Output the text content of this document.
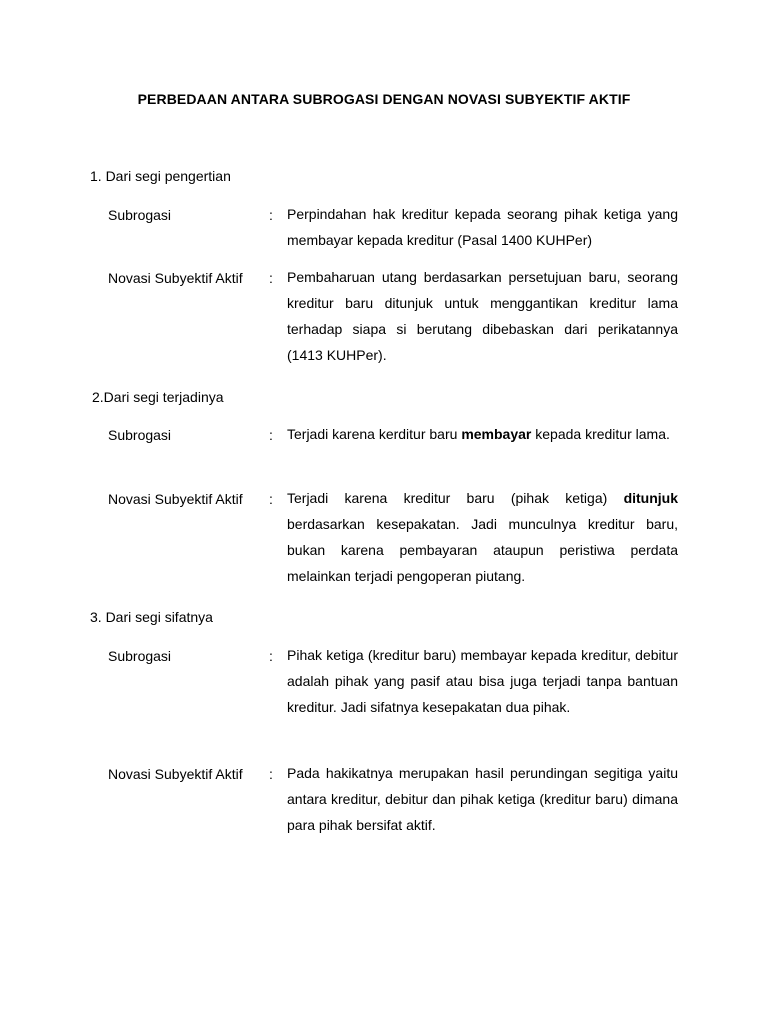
PERBEDAAN ANTARA SUBROGASI DENGAN NOVASI SUBYEKTIF AKTIF
1. Dari segi pengertian
Subrogasi	: Perpindahan hak kreditur kepada seorang pihak ketiga yang membayar kepada kreditur (Pasal 1400 KUHPer)
Novasi Subyektif Aktif : Pembaharuan utang berdasarkan persetujuan baru, seorang kreditur baru ditunjuk untuk menggantikan kreditur lama terhadap siapa si berutang dibebaskan dari perikatannya (1413 KUHPer).
2.Dari segi terjadinya
Subrogasi	: Terjadi karena kerditur baru membayar kepada kreditur lama.
Novasi Subyektif Aktif : Terjadi karena kreditur baru (pihak ketiga) ditunjuk berdasarkan kesepakatan. Jadi munculnya kreditur baru, bukan karena pembayaran ataupun peristiwa perdata melainkan terjadi pengoperan piutang.
3. Dari segi sifatnya
Subrogasi	: Pihak ketiga (kreditur baru) membayar kepada kreditur, debitur adalah pihak yang pasif atau bisa juga terjadi tanpa bantuan kreditur. Jadi sifatnya kesepakatan dua pihak.
Novasi Subyektif Aktif : Pada hakikatnya merupakan hasil perundingan segitiga yaitu antara kreditur, debitur dan pihak ketiga (kreditur baru) dimana para pihak bersifat aktif.
